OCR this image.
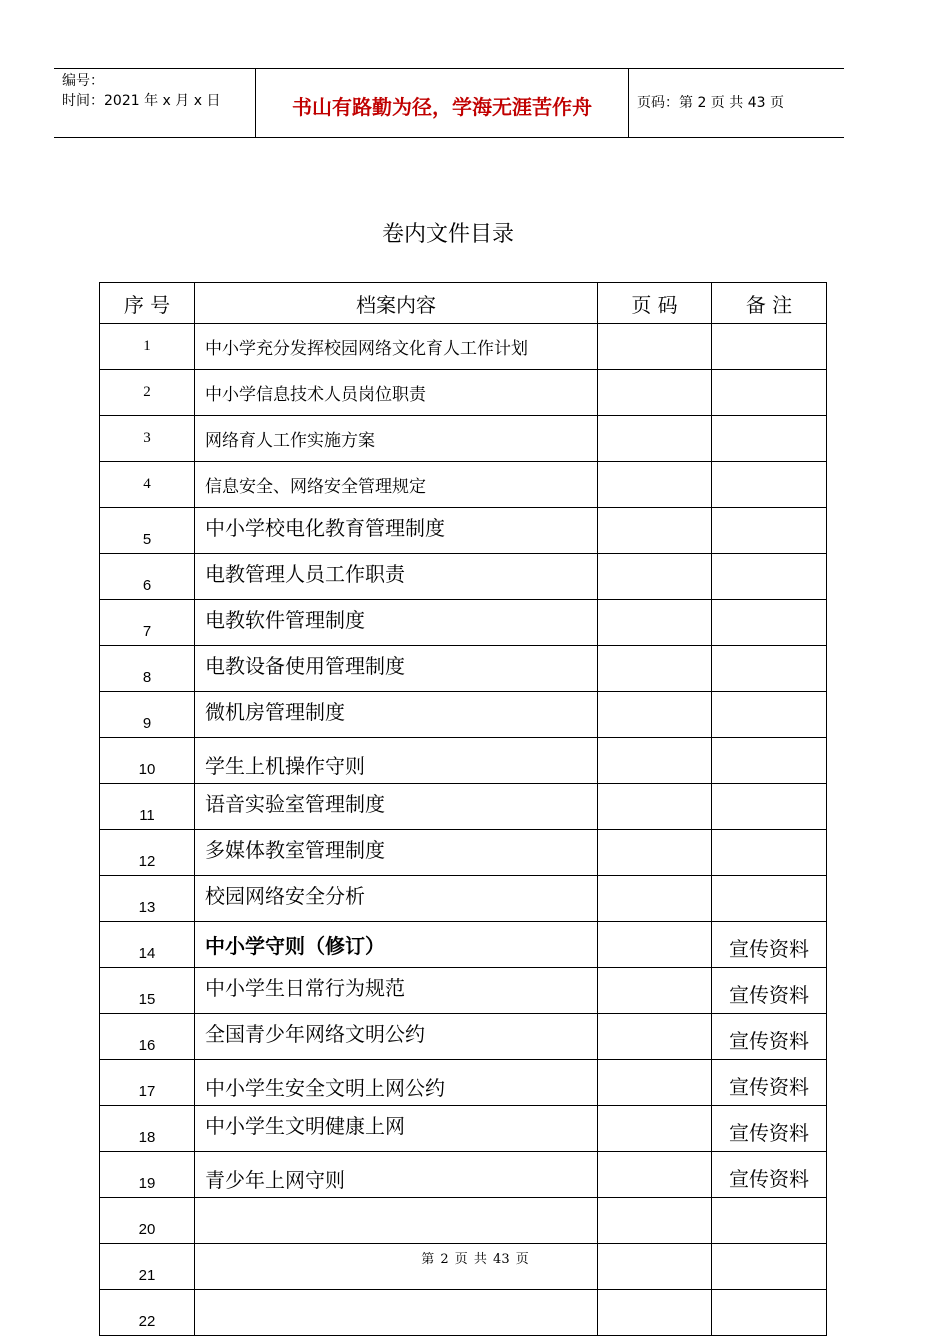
编号：
时间：2021 年 x 月 x 日	书山有路勤为径，学海无涯苦作舟	页码：第 2 页 共 43 页
卷内文件目录
序 号	档案内容	页 码	备 注
1	中小学充分发挥校园网络文化育人工作计划		
2	中小学信息技术人员岗位职责		
3	网络育人工作实施方案		
4	信息安全、网络安全管理规定		
5	中小学校电化教育管理制度		
6	电教管理人员工作职责		
7	电教软件管理制度		
8	电教设备使用管理制度		
9	微机房管理制度		
10	学生上机操作守则		
11	语音实验室管理制度		
12	多媒体教室管理制度		
13	校园网络安全分析		
14	中小学守则（修订）		宣传资料
15	中小学生日常行为规范		宣传资料
16	全国青少年网络文明公约		宣传资料
17	中小学生安全文明上网公约		宣传资料
18	中小学生文明健康上网		宣传资料
19	青少年上网守则		宣传资料
20			
21			
22			
第 2 页 共 43 页
